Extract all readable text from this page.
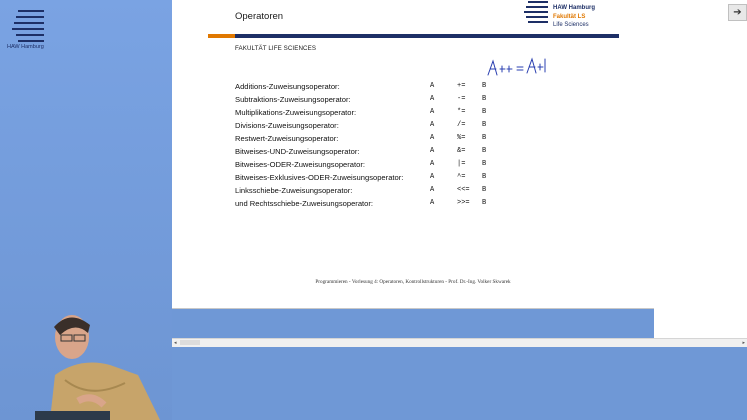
HAW Hamburg
Operatoren
HAW Hamburg
Fakultät LS
Life Sciences
FAKULTÄT LIFE SCIENCES
Additions-Zuweisungsoperator:	A	+= B
Subtraktions-Zuweisungsoperator:	A	-= B
Multiplikations-Zuweisungsoperator:	A	*= B
Divisions-Zuweisungsoperator:	A	/= B
Restwert-Zuweisungsoperator:	A	%= B
Bitweises-UND-Zuweisungsoperator:	A	&= B
Bitweises-ODER-Zuweisungsoperator:	A	|= B
Bitweises-Exklusives-ODER-Zuweisungsoperator:	A	^= B
Linksschiebe-Zuweisungsoperator:	A	<<= B
und Rechtsschiebe-Zuweisungsoperator:	A	>>= B
Programmieren - Vorlesung 4: Operatoren, Kontrollstrukturen - Prof. Dr.-Ing. Volker Skwarek
➔
◂	▸
